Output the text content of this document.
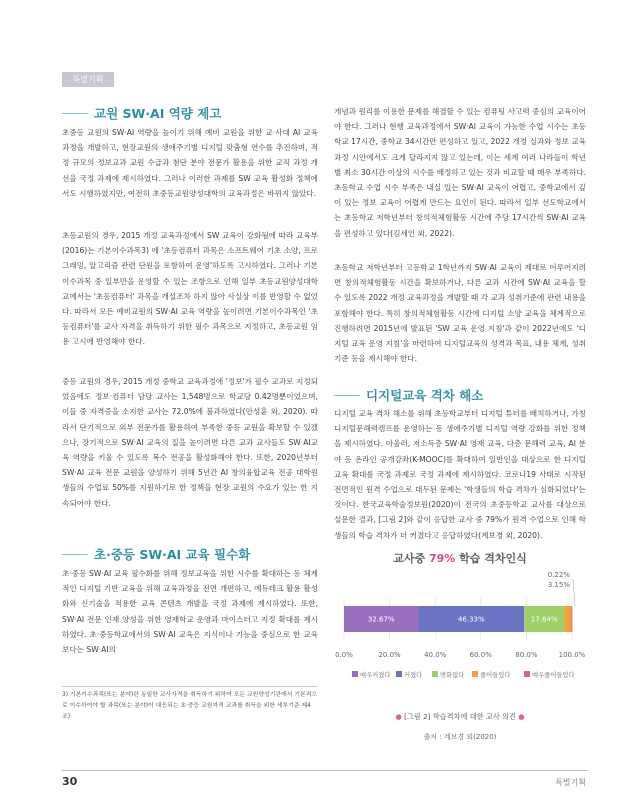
특별기획
교원 SW·AI 역량 제고

초중등 교원의 SW·AI 역량을 높이기 위해 예비 교원을 위한 교·사대 AI 교육과정을 개발하고, 현장교원의 생애주기별 디지털 맞춤형 연수를 추진하며, 적정 규모의 정보교과 교원 수급과 첨단 분야 전문가 활용을 위한 교직 과정 개선을 국정 과제에 제시하였다. 그러나 이러한 과제를 SW 교육 활성화 정책에서도 시행하였지만, 여전히 초중등교원양성대학의 교육과정은 바뀌지 않았다.

초등교원의 경우, 2015 개정 교육과정에서 SW 교육이 강화됨에 따라 교육부(2016)는 기본이수과목3) 에 '초등컴퓨터 과목은 소프트웨어 기초 소양, 프로그래밍, 알고리즘 관련 단원을 포함하여 운영'하도록 고시하였다. 그러나 기본이수과목 중 일부만을 운영할 수 있는 조항으로 인해 일부 초등교원양성대학교에서는 '초등컴퓨터' 과목을 개설조차 하지 않아 사실상 이를 반영할 수 없었다. 따라서 모든 예비교원의 SW·AI 교육 역량을 높이려면 기본이수과목인 '초등컴퓨터'를 교사 자격을 취득하기 위한 필수 과목으로 지정하고, 초등교원 임용 고시에 반영해야 한다.

중등 교원의 경우, 2015 개정 중학교 교육과정에 '정보'가 필수 교과로 지정되었음에도 정보·컴퓨터 담당 교사는 1,548명으로 학교당 0.42명뿐이었으며, 이들 중 자격증을 소지한 교사는 72.0%에 불과하였다(안성훈 외, 2020). 따라서 단기적으로 외부 전문가를 활용하여 부족한 중등 교원을 확보할 수 있겠으나, 장기적으로 SW·AI 교육의 질을 높이려면 다른 교과 교사들도 SW·AI교육 역량을 키울 수 있도록 복수 전공을 활성화해야 한다. 또한, 2020년부터 SW·AI 교육 전문 교원을 양성하기 위해 5년간 AI 창의융합교육 전공 대학원생들의 수업료 50%를 지원하기로 한 정책을 현장 교원의 수요가 있는 한 지속되어야 한다.

초·중등 SW·AI 교육 필수화

초·중등 SW·AI 교육 필수화를 위해 정보교육을 위한 시수를 확대하는 등 체계적인 디지털 기반 교육을 위해 교육과정을 전면 개편하고, 에듀테크 활용 활성화와 신기술을 적용한 교육 콘텐츠 개발을 국정 과제에 제시하였다. 또한, SW·AI 전문 인재 양성을 위한 영재학교 운영과 마이스터고 지정 확대를 제시하였다. 초·중등학교에서의 SW·AI 교육은 지식이나 기능을 중심으로 한 교육보다는 SW·AI의

3) 기본이수과목(또는 분야)란 동일한 교사자격을 취득하기 위하여 모든 교원양성기관에서 기본적으로 이수하여야 할 과목(또는 분야)이 대응되는 초·중등 교원자격 교과를 취득을 위한 세부기준 제4조)

개념과 원리를 이용한 문제를 해결할 수 있는 컴퓨팅 사고력 중심의 교육이어야 한다. 그러나 현행 교육과정에서 SW·AI 교육이 가능한 수업 시수는 초등학교 17시간, 중학교 34시간만 편성하고 있고, 2022 개정 실과와 정보 교육과정 시안에서도 크게 달라지지 않고 있는데, 이는 세계 여러 나라들이 학년별 최소 30시간 이상의 시수를 배정하고 있는 것과 비교할 때 매우 부족하다. 초등학교 수업 시수 부족은 내실 있는 SW·AI 교육이 어렵고, 중학교에서 깊이 있는 정보 교육이 어렵게 만드는 요인이 된다. 따라서 일부 선도학교에서는 초등학교 저학년부터 창의적체험활동 시간에 주당 17시간씩 SW·AI 교육을 편성하고 있다(김세인 외, 2022).

초등학교 저학년부터 고등학교 1학년까지 SW·AI 교육이 제대로 이루어지려면 창의적체험활동 시간을 확보하거나, 다른 교과 시간에 SW·AI 교육을 할 수 있도록 2022 개정 교육과정을 개발할 때 각 교과 성취기준에 관련 내용을 포함해야 한다. 특히 창의적체험활동 시간에 디지털 소양 교육을 체계적으로 진행하려면 2015년에 발표된 'SW 교육 운영 지침'과 같이 2022년에도 '디지털 교육 운영 지침'을 마련하여 디지털교육의 성격과 목표, 내용 체계, 성취기준 등을 제시해야 한다.

디지털교육 격차 해소

디지털 교육 격차 해소를 위해 초등학교부터 디지털 튜터를 배치하거나, 가칭 디지털문해력캠프를 운영하는 등 생애주기별 디지털 역량 강화를 위한 정책을 제시하였다. 아울러, 저소득층 SW·AI 영재 교육, 다층 문해력 교육, AI 분야 등 온라인 공개강좌(K-MOOC)를 확대하여 일반인을 대상으로 한 디지털 교육 확대를 국정 과제로 국정 과제에 제시하였다. 코로나19 사태로 시작된 전면적인 원격 수업으로 대두된 문제는 '학생들의 학습 격차가 심화되었다'는 것이다. 한국교육학술정보원(2020)이 전국의 초중등학교 교사를 대상으로 설문한 결과, [그림 2]와 같이 응답한 교사 중 79%가 원격 수업으로 인해 학생들의 학습 격차가 더 커졌다고 응답하였다(계보경 외, 2020).

교사중 79% 학습 격차인식
0.0%	20.0%	40.0%	60.0%	80.0%	100.0%
32.67%	46.33%	17.64%
0.22%
3.15%
매우커졌다 커졌다	변화없다 줄어들었다	매우줄어들었다
● [그림 2] 학습격차에 대한 교사 의견 ●
출처 : 계보경 외(2020)
30	특별기획
